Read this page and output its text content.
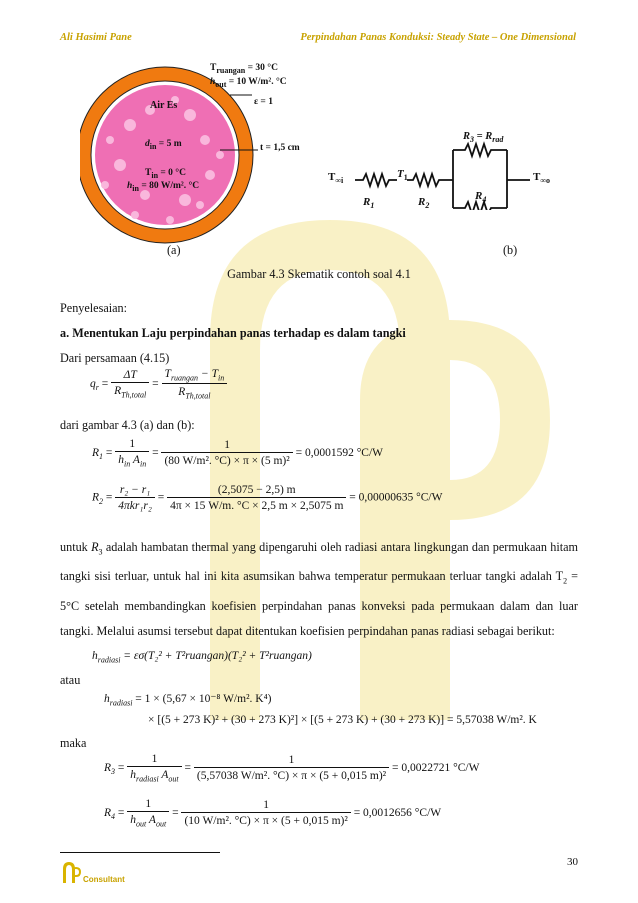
Ali Hasimi Pane	Perpindahan Panas Konduksi: Steady State – One Dimensional
$T_{ruangan} = 30$ °C
$h_{out} = 10$ W/m². °C
ε = 1
t = 1,5 cm
Air Es
$d_{in} = 5$ m
$T_{in} = 0$ °C
$h_{in} = 80$ W/m². °C
$R_3 = R_{rad}$
$T_{\infty i}$
$T_1$
$R_1$	$R_2$
$R_4$
$T_{\infty o}$
(a)	(b)
Gambar 4.3 Skematik contoh soal 4.1
Penyelesaian:
a. Menentukan Laju perpindahan panas terhadap es dalam tangki
Dari persamaan (4.15)
$q_r = \frac{\Delta T}{R_{Th,total}} = \frac{T_{ruangan} - T_{in}}{R_{Th,total}}$
dari gambar 4.3 (a) dan (b):
$R_1 = \frac{1}{h_{in} A_{in}} = \frac{1}{\text{(80 W/m². °C) × π × (5 m)²}} = 0,0001592$ °C/W
$R_2 = \frac{\text{r₂ − r₁}}{\text{4πkr₁r₂}} = \frac{(2,5075 - 2,5) m}{4\pi \times 15 W/m. ^\circ C \times 2,5 m \times 2,5075 m} = 0,00000635$ °C/W
untuk $R_3$ adalah hambatan thermal yang dipengaruhi oleh radiasi antara lingkungan dan permukaan hitam tangki sisi terluar, untuk hal ini kita asumsikan bahwa temperatur permukaan terluar tangki adalah $T_2 = 5^\circ C$ setelah membandingkan koefisien perpindahan panas konveksi pada permukaan dalam dan luar tangki. Melalui asumsi tersebut dapat ditentukan koefisien perpindahan panas radiasi sebagai berikut:
$h_{radiasi} = \varepsilon\sigma(T_2^2$ + T²ruangan)(T₂² + T²ruangan)
atau
$h_{radiasi} = 1 \times (5,67 \times 10^{-8}$ W/m². K⁴)
× [(5 + 273 K)² + (30 + 273 K)²] × [(5 + 273 K) + (30 + 273 K)] = 5,57038 W/m². K
maka
$R_3 = \frac{1}{h_{radiasi} A_{out}} = \frac{1}{\text{(5,57038 W/m². °C) × π × (5 + 0,015 m)²}} = 0,0022721$ °C/W
$R_4 = \frac{1}{h_{out} A_{out}} = \frac{1}{\text{(10 W/m². °C) × π × (5 + 0,015 m)²}} = 0,0012656$ °C/W
30
Consultant
